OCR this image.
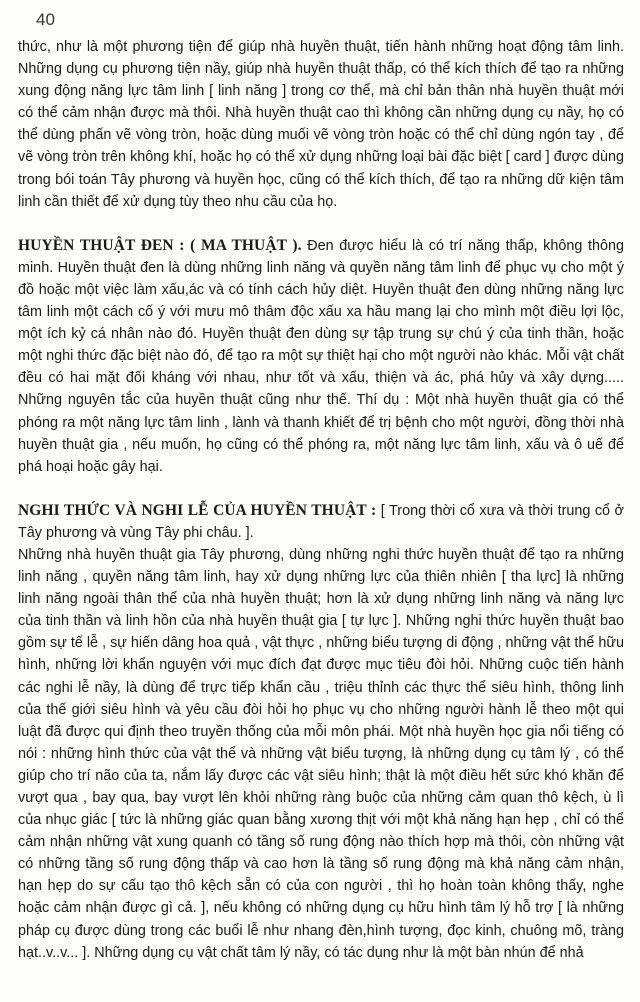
40

thức, như là một phương tiện để giúp nhà huyền thuật, tiến hành những hoạt động tâm linh. Những dụng cụ phương tiện nầy, giúp nhà huyền thuật thấp, có thể kích thích để tạo ra những xung động năng lực tâm linh [ linh năng ] trong cơ thể, mà chỉ bản thân nhà huyền thuật mới có thể cảm nhận được mà thôi. Nhà huyền thuật cao thì không cần những dụng cụ nầy, họ có thể dùng phấn vẽ vòng tròn, hoặc dùng muối vẽ vòng tròn hoặc có thể chỉ dùng ngón tay , để vẽ vòng tròn trên không khí, hoặc họ có thể xử dụng những loại bài đặc biệt [ card ] được dùng trong bói toán Tây phương và huyền học, cũng có thể kích thích, để tạo ra những dữ kiện tâm linh cần thiết để xử dụng tùy theo nhu cầu của họ.

HUYỀN THUẬT ĐEN : ( MA THUẬT ). Đen được hiểu là có trí năng thấp, không thông minh. Huyền thuật đen là dùng những linh năng và quyền năng tâm linh để phục vụ cho một ý đồ hoặc một việc làm xấu,ác và có tính cách hủy diệt. Huyền thuật đen dùng những năng lực tâm linh một cách cố ý với mưu mô thâm độc xấu xa hầu mang lại cho mình một điều lợi lộc, một ích kỷ cá nhân nào đó. Huyền thuật đen dùng sự tập trung sự chú ý của tinh thần, hoặc một nghi thức đặc biệt nào đó, để tạo ra một sự thiệt hại cho một người nào khác. Mỗi vật chất đều có hai mặt đối kháng với nhau, như tốt và xấu, thiện và ác, phá hủy và xây dựng..... Những nguyên tắc của huyền thuật cũng như thế. Thí dụ : Một nhà huyền thuật gia có thể phóng ra một năng lực tâm linh , lành và thanh khiết để trị bệnh cho một người, đồng thời nhà huyền thuật gia , nếu muốn, họ cũng có thể phóng ra, một năng lực tâm linh, xấu và ô uế để phá hoại hoặc gây hại.

NGHI THỨC VÀ NGHI LỄ CỦA HUYỀN THUẬT : [ Trong thời cổ xưa và thời trung cổ ở Tây phương và vùng Tây phi châu. ].

Những nhà huyền thuật gia Tây phương, dùng những nghi thức huyền thuật để tạo ra những linh năng , quyền năng tâm linh, hay xử dụng những lực của thiên nhiên [ tha lực] là những linh năng ngoài thân thể của nhà huyền thuật; hơn là xử dụng những linh năng và năng lực của tinh thần và linh hồn của nhà huyền thuật gia [ tự lực ]. Những nghi thức huyền thuật bao gồm sự tế lễ , sự hiến dâng hoa quả , vật thực , những biểu tượng di động , những vật thể hữu hình, những lời khẩn nguyện với mục đích đạt được mục tiêu đòi hỏi. Những cuộc tiến hành các nghi lễ nầy, là dùng để trực tiếp khẩn cầu , triệu thỉnh các thực thể siêu hình, thông linh của thế giới siêu hình và yêu cầu đòi hỏi họ phục vụ cho những người hành lễ theo một qui luật đã được qui định theo truyền thống của mỗi môn phái. Một nhà huyền học gia nổi tiếng có nói : những hình thức của vật thể và những vật biểu tượng, là những dụng cụ tâm lý , có thể giúp cho trí não của ta, nắm lấy được các vật siêu hình; thật là một điều hết sức khó khăn để vượt qua , bay qua, bay vượt lên khỏi những ràng buộc của những cảm quan thô kệch, ù lì của nhục giác [ tức là những giác quan bằng xương thịt với một khả năng hạn hẹp , chỉ có thể cảm nhận những vật xung quanh có tầng số rung động nào thích hợp mà thôi, còn những vật có những tầng số rung động thấp và cao hơn là tầng số rung động mà khả năng cảm nhận, hạn hẹp do sự cấu tạo thô kệch sẵn có của con người , thì họ hoàn toàn không thấy, nghe hoặc cảm nhận được gì cả. ], nếu không có những dụng cụ hữu hình tâm lý hỗ trợ [ là những pháp cụ được dùng trong các buổi lễ như nhang đèn,hình tượng, đọc kinh, chuông mõ, tràng hạt..v..v... ]. Những dụng cụ vật chất tâm lý nầy, có tác dụng như là một bàn nhún để nhả
